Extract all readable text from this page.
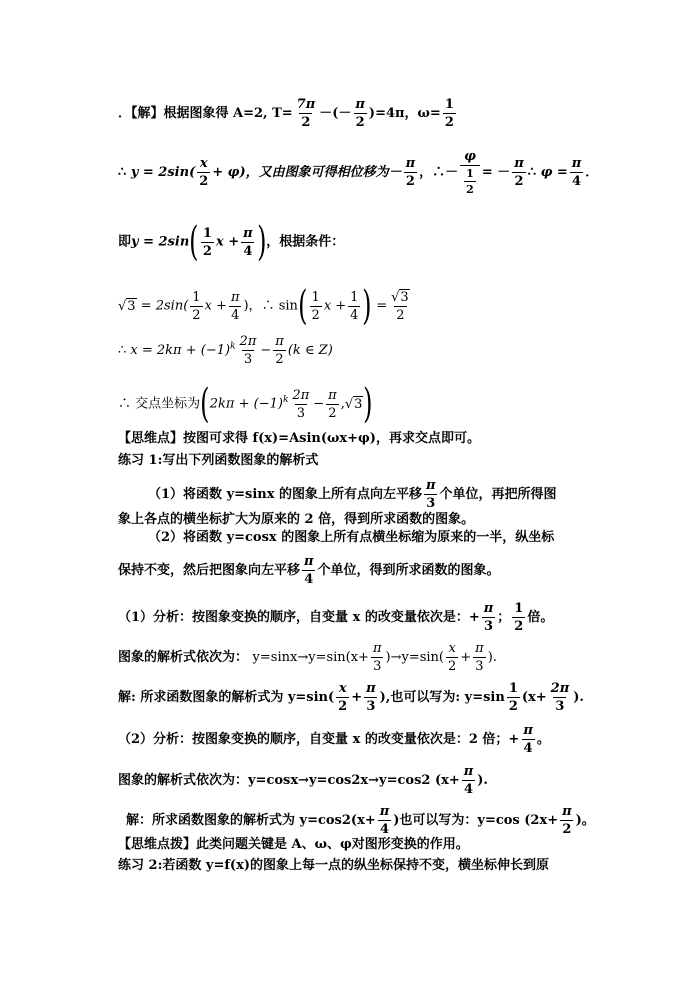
．【解】根据图象得 A=2, $T= \frac{7\pi}{2}$ －(－ $\frac{\pi}{2} )=4\pi$，$\omega= \frac{1}{2}$
∴ $y = 2\sin( \frac{x}{2} + \varphi)$，又由图象可得相位移为－ $\frac{\pi}{2}$ ，∴－ $\frac{\varphi}{\frac{1}{2}}$ = － $\frac{\pi}{2}$ ∴ $\varphi = \frac{\pi}{4}$ ．
即$y = 2\sin( \frac{1}{2}$ $x + \frac{\pi}{4}$ )，根据条件：
$√3 = 2\sin( \frac{1}{2}$ $x + \frac{\pi}{4}$ )，∴ $\sin( \frac{1}{2}$ $x + \frac{1}{4}$ ) = $\frac{√3}{2}$
∴ $x = 2k\pi + (-1)^k \frac{2\pi}{3} - \frac{\pi}{2} (k$ ∈ Z)
∴ 交点坐标为$(2k\pi + (-1)^k \frac{2\pi}{3} - \frac{\pi}{2} ,√3)$
【思维点】按图可求得 f(x)=Asin(ωx+φ)，再求交点即可。
练习 1:写出下列函数图象的解析式
（1）将函数 y=sinx 的图象上所有点向左平移 $\frac{\pi}{3}$ 个单位，再把所得图
象上各点的横坐标扩大为原来的 2 倍，得到所求函数的图象。
（2）将函数 y=cosx 的图象上所有点横坐标缩为原来的一半，纵坐标
保持不变，然后把图象向左平移 $\frac{\pi}{4}$ 个单位，得到所求函数的图象。
（1）分析：按图象变换的顺序，自变量 x 的改变量依次是：+ $\frac{\pi}{3}$ ； $\frac{1}{2}$ 倍。
图象的解析式依次为： $y=\sin x\to y=\sin(x+ \frac{\pi}{3} )\to y=\sin( \frac{x}{2} + \frac{\pi}{3}$ ).
解: 所求函数图象的解析式为 $y=\sin( \frac{x}{2} + \frac{\pi}{3}$ ),也可以写为: $y=\sin \frac{1}{2} (x+ \frac{2\pi}{3}$ ).
（2）分析：按图象变换的顺序，自变量 x 的改变量依次是：2 倍；+ $\frac{\pi}{4}$ 。
图象的解析式依次为：y=cosx→y=cos2x→y=cos2 ($x+ \frac{\pi}{4}$ ).
解：所求函数图象的解析式为 $y=\cos 2(x+ \frac{\pi}{4}$ )也可以写为：y=cos ($2x+ \frac{\pi}{2}$ )。
【思维点拨】此类问题关键是 A、ω、φ对图形变换的作用。
练习 2:若函数 y=f(x)的图象上每一点的纵坐标保持不变，横坐标伸长到原
